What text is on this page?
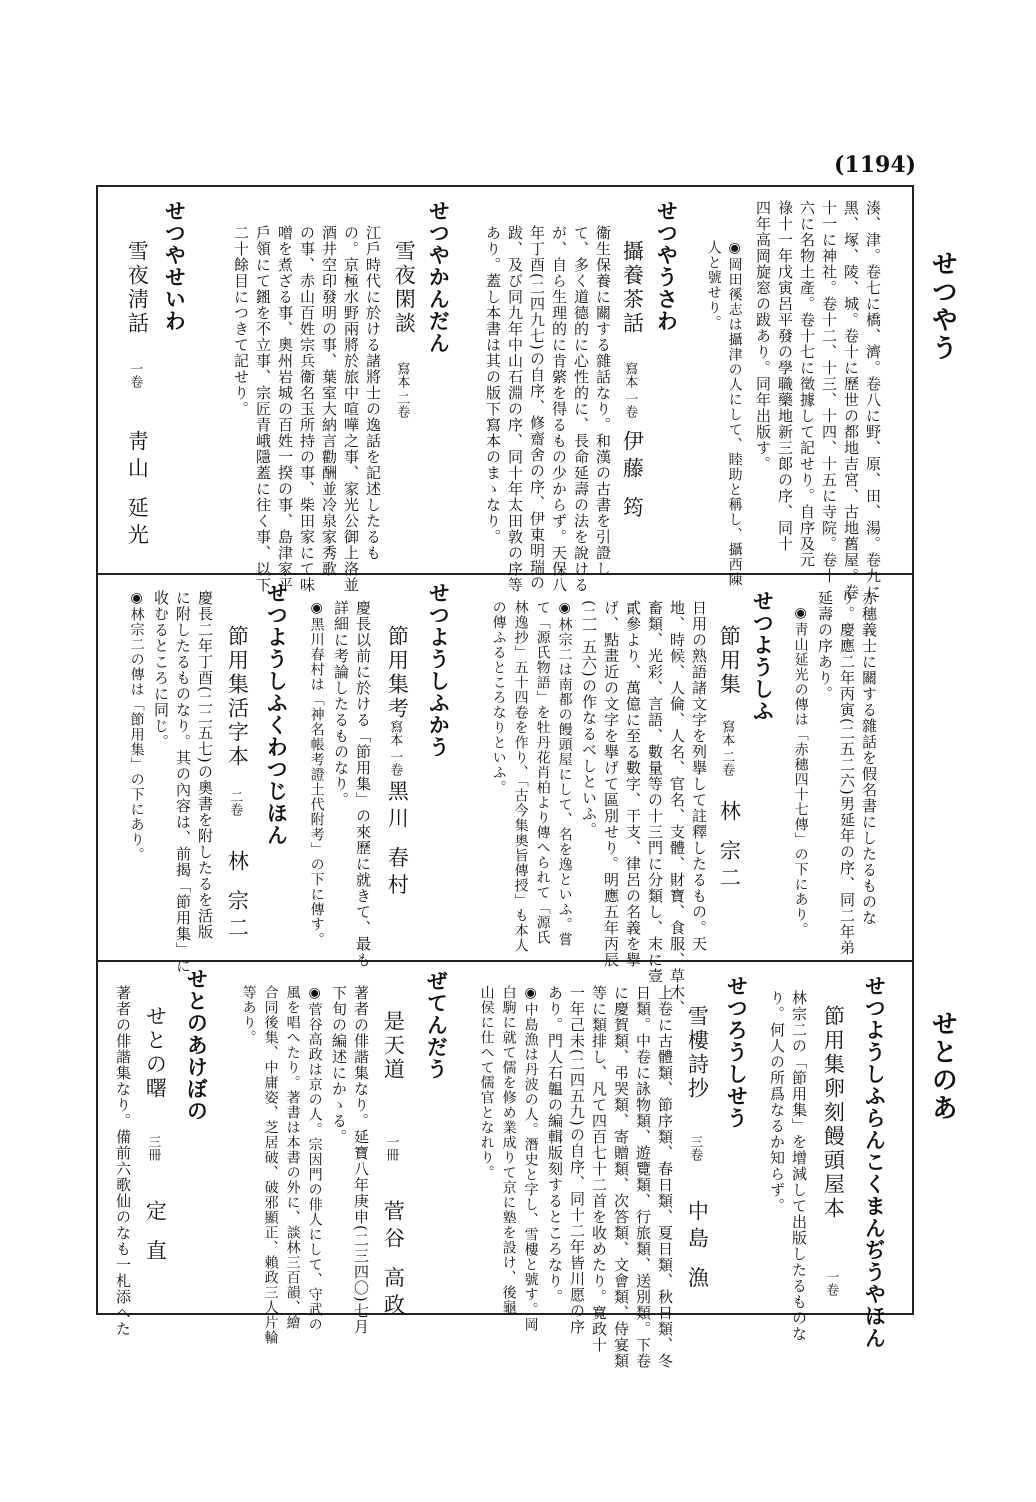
(1194)
せつやう
せとのあ
湊、津。卷七に橋、濟。卷八に野、原、田、湯。卷九に
黑、塚、陵、城。卷十に歷世の都地吉宮、古地舊屋。卷
十一に神社。卷十二、十三、十四、十五に寺院。卷十
六に名物土產。卷十七に徵據して記せり。自序及元
祿十一年戊寅呂平發の學職藥地新三郞の序、同十
四年高岡旋窓の跋あり。同年出版す。
◉岡田徯志は攝津の人にして、睦助と稱し、攝西陳
人と號せり。
せつやうさわ
攝養茶話
寫本 一卷
伊藤 筠
衞生保養に關する雜話なり。和漢の古書を引證し
て、多く道德的に心性的に、長命延壽の法を說ける
が、自ら生理的に肯綮を得るもの少からず。天保八
年丁酉(二四九七)の自序、修齋舍の序、伊東明瑞の
跋、及び同九年中山石淵の序、同十年太田敦の序等
あり。蓋し本書は其の版下寫本のまゝなり。
せつやかんだん
雪夜閑談
寫本 二卷
江戶時代に於ける諸將士の逸話を記述したるも
の。京極水野兩將於旅中喧嘩之事、家光公御上洛並
酒井空印發明の事、葉室大納言勸酬並冷泉家秀歌
の事、赤山百姓宗兵衞名玉所持の事、柴田家にて味
噌を煮ざる事、奧州岩城の百姓一揆の事、島津家平
戶領にて鎺を不立事、宗匠青峨隱蓋に往く事、以下
二十餘目につきて記せり。
せつやせいわ
雪夜淸話
一卷
靑山 延光
赤穗義士に關する雜話を假名書にしたるものな
り。慶應二年丙寅(二五二六)男延年の序、同二年弟
延壽の序あり。
◉靑山延光の傳は「赤穗四十七傳」の下にあり。
せつようしふ
節用集
寫本 二卷
林 宗二
日用の熟語諸文字を列擧して註釋したるもの。天
地、時候、人倫、人名、官名、支體、財寶、食服、草木、
畜類、光彩、言語、數量等の十三門に分類し、末に壹
貳參より、萬億に至る數字、干支、律呂の名義を擧
げ、點畫近の文字を擧げて區別せり。明應五年丙辰
(二一五六)の作なるべしといふ。
◉林宗二は南都の饅頭屋にして、名を逸といふ。嘗
て「源氏物語」を牡丹花肖柏より傳へられて「源氏
林逸抄」五十四卷を作り、「古今集奧旨傳授」も本人
の傳ふるところなりといふ。
せつようしふかう
節用集考
寫本 一卷
黑川 春村
慶長以前に於ける「節用集」の來歷に就きて、最も
詳細に考論したるものなり。
◉黑川春村は「神名帳考證土代附考」の下に傳す。
せつようしふくわつじほん
節用集活字本
二卷
林 宗二
慶長二年丁酉(二二五七)の奧書を附したるを活版
に附したるものなり。其の內容は、前揭「節用集」に
收むるところに同じ。
◉林宗二の傳は「節用集」の下にあり。
せつようしふらんこくまんぢうやほん
節用集卵刻饅頭屋本
一卷
林宗二の「節用集」を增減して出版したるものな
り。何人の所爲なるか知らず。
せつろうしせう
雪樓詩抄
三卷
中島 漁
上卷に古體類、節序類、春日類、夏日類、秋日類、冬
日類。中卷に詠物類、遊覽類、行旅類、送別類。下卷
に慶賀類、弔哭類、寄贈類、次答類、文會類、侍宴類
等に類排し、凡て四百七十二首を收めたり。寬政十
一年己未(二四五九)の自序、同十二年皆川愿の序
あり。門人石韞の編輯版刻するところなり。
◉中島漁は丹波の人。潛史と字し、雪樓と號す。岡
白駒に就て儒を修め業成りて京に塾を設け、後龜
山侯に仕へて儒官となれり。
ぜてんだう
是天道
一冊
菅谷 高政
著者の俳諧集なり。延寶八年庚申(二三四〇)七月
下旬の編述にかゝる。
◉菅谷高政は京の人。宗因門の俳人にして、守武の
風を唱へたり。著書は本書の外に、談林三百韻、繪
合同後集、中庸姿、芝居破、破邪顯正、賴政三人片輪
等あり。
せとのあけぼの
せとの曙
三冊
定 直
著者の俳諧集なり。備前六歌仙のなも一札添へた
